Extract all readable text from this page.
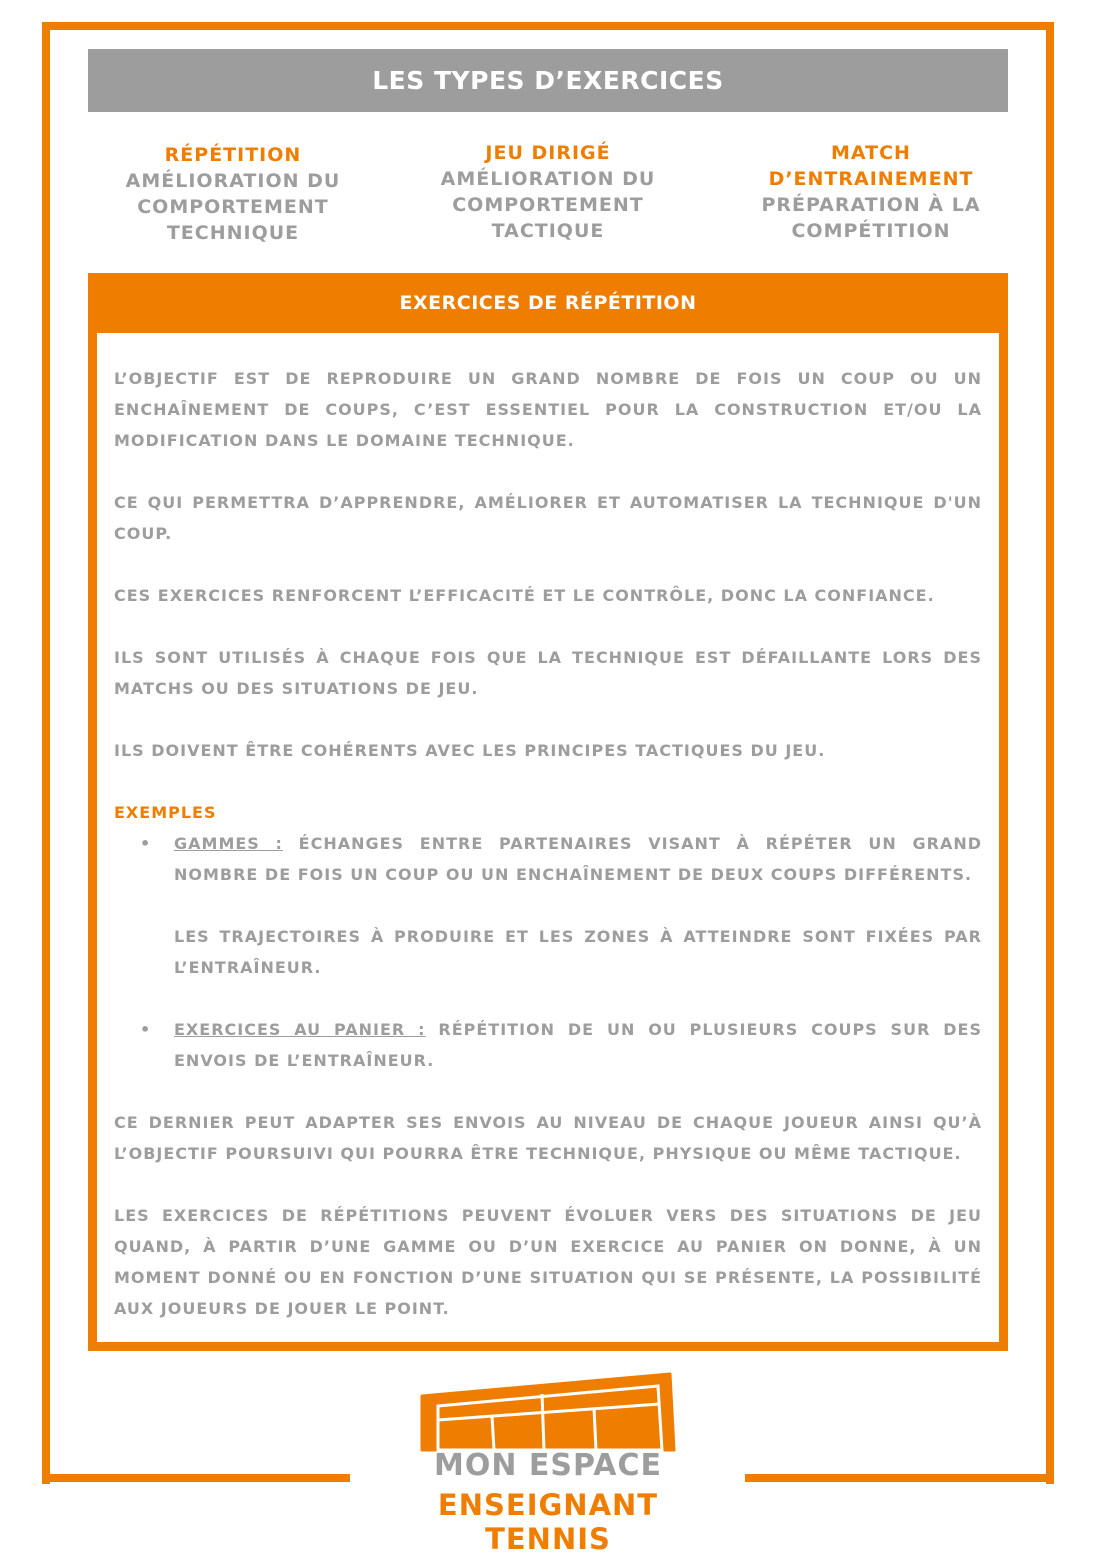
LES TYPES D’EXERCICES
RÉPÉTITION
AMÉLIORATION DU COMPORTEMENT TECHNIQUE
JEU DIRIGÉ
AMÉLIORATION DU COMPORTEMENT TACTIQUE
MATCH D’ENTRAINEMENT
PRÉPARATION À LA COMPÉTITION
EXERCICES DE RÉPÉTITION

L’OBJECTIF EST DE REPRODUIRE UN GRAND NOMBRE DE FOIS UN COUP OU UN ENCHAÎNEMENT DE COUPS, C’EST ESSENTIEL POUR LA CONSTRUCTION ET/OU LA MODIFICATION DANS LE DOMAINE TECHNIQUE.

CE QUI PERMETTRA D’APPRENDRE, AMÉLIORER ET AUTOMATISER LA TECHNIQUE D'UN COUP.

CES EXERCICES RENFORCENT L’EFFICACITÉ ET LE CONTRÔLE, DONC LA CONFIANCE.

ILS SONT UTILISÉS À CHAQUE FOIS QUE LA TECHNIQUE EST DÉFAILLANTE LORS DES MATCHS OU DES SITUATIONS DE JEU.

ILS DOIVENT ÊTRE COHÉRENTS AVEC LES PRINCIPES TACTIQUES DU JEU.

EXEMPLES

• GAMMES : ÉCHANGES ENTRE PARTENAIRES VISANT À RÉPÉTER UN GRAND NOMBRE DE FOIS UN COUP OU UN ENCHAÎNEMENT DE DEUX COUPS DIFFÉRENTS.

LES TRAJECTOIRES À PRODUIRE ET LES ZONES À ATTEINDRE SONT FIXÉES PAR L’ENTRAÎNEUR.

• EXERCICES AU PANIER : RÉPÉTITION DE UN OU PLUSIEURS COUPS SUR DES ENVOIS DE L’ENTRAÎNEUR.

CE DERNIER PEUT ADAPTER SES ENVOIS AU NIVEAU DE CHAQUE JOUEUR AINSI QU’À L’OBJECTIF POURSUIVI QUI POURRA ÊTRE TECHNIQUE, PHYSIQUE OU MÊME TACTIQUE.

LES EXERCICES DE RÉPÉTITIONS PEUVENT ÉVOLUER VERS DES SITUATIONS DE JEU QUAND, À PARTIR D’UNE GAMME OU D’UN EXERCICE AU PANIER ON DONNE, À UN MOMENT DONNÉ OU EN FONCTION D’UNE SITUATION QUI SE PRÉSENTE, LA POSSIBILITÉ AUX JOUEURS DE JOUER LE POINT.

MON ESPACE
ENSEIGNANT TENNIS
